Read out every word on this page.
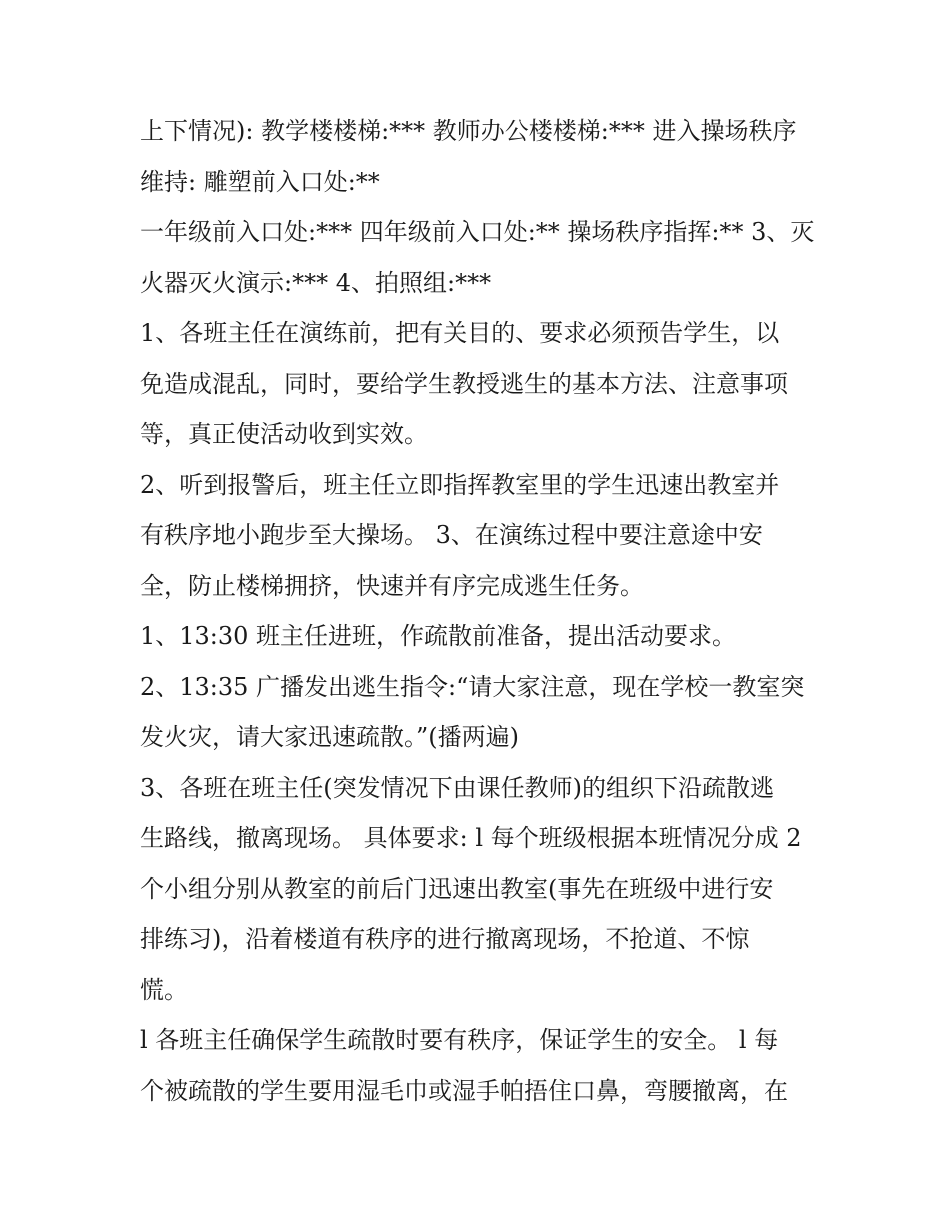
上下情况): 教学楼楼梯:*** 教师办公楼楼梯:*** 进入操场秩序
维持: 雕塑前入口处:**

一年级前入口处:*** 四年级前入口处:** 操场秩序指挥:** 3、灭
火器灭火演示:*** 4、拍照组:***

1、各班主任在演练前，把有关目的、要求必须预告学生，以
免造成混乱，同时，要给学生教授逃生的基本方法、注意事项
等，真正使活动收到实效。

2、听到报警后，班主任立即指挥教室里的学生迅速出教室并
有秩序地小跑步至大操场。 3、在演练过程中要注意途中安
全，防止楼梯拥挤，快速并有序完成逃生任务。

1、13:30 班主任进班，作疏散前准备，提出活动要求。

2、13:35 广播发出逃生指令:“请大家注意，现在学校一教室突
发火灾，请大家迅速疏散。”(播两遍)

3、各班在班主任(突发情况下由课任教师)的组织下沿疏散逃
生路线，撤离现场。 具体要求: l 每个班级根据本班情况分成 2
个小组分别从教室的前后门迅速出教室(事先在班级中进行安
排练习)，沿着楼道有秩序的进行撤离现场，不抢道、不惊
慌。

l 各班主任确保学生疏散时要有秩序，保证学生的安全。 l 每
个被疏散的学生要用湿毛巾或湿手帕捂住口鼻，弯腰撤离，在
